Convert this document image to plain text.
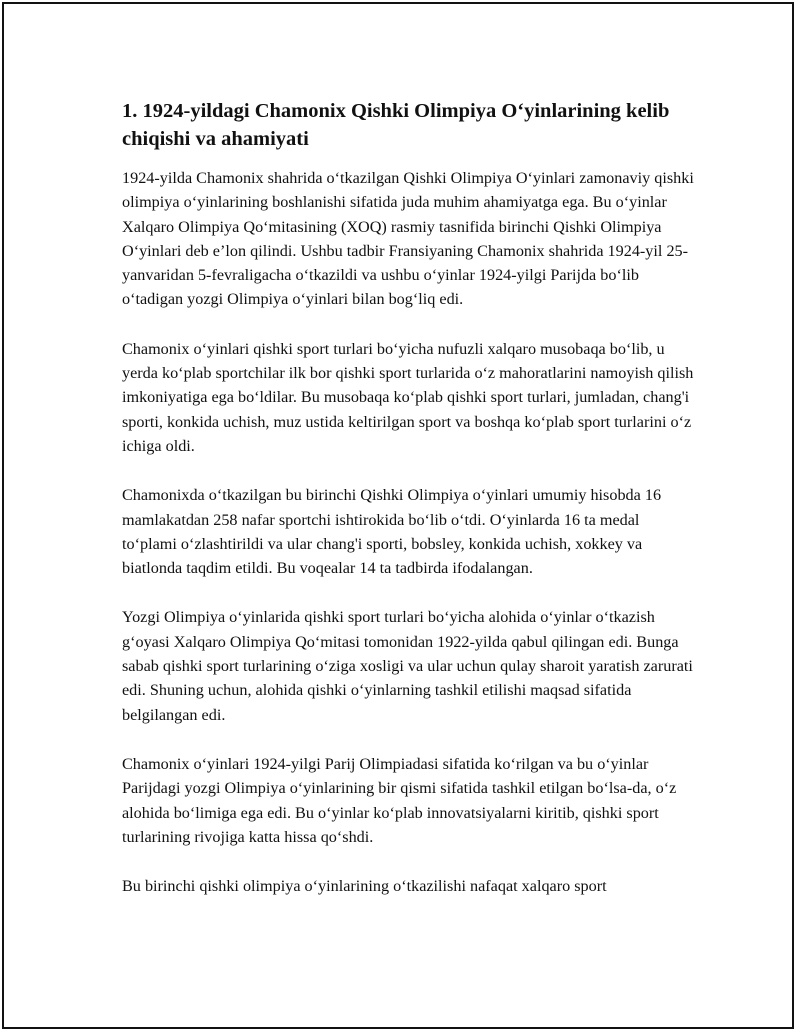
1. 1924-yildagi Chamonix Qishki Olimpiya O‘yinlarining kelib chiqishi va ahamiyati

1924-yilda Chamonix shahrida o‘tkazilgan Qishki Olimpiya O‘yinlari zamonaviy qishki olimpiya o‘yinlarining boshlanishi sifatida juda muhim ahamiyatga ega. Bu o‘yinlar Xalqaro Olimpiya Qo‘mitasining (XOQ) rasmiy tasnifida birinchi Qishki Olimpiya O‘yinlari deb e’lon qilindi. Ushbu tadbir Fransiyaning Chamonix shahrida 1924-yil 25-yanvaridan 5-fevraligacha o‘tkazildi va ushbu o‘yinlar 1924-yilgi Parijda bo‘lib o‘tadigan yozgi Olimpiya o‘yinlari bilan bog‘liq edi.

Chamonix o‘yinlari qishki sport turlari bo‘yicha nufuzli xalqaro musobaqa bo‘lib, u yerda ko‘plab sportchilar ilk bor qishki sport turlarida o‘z mahoratlarini namoyish qilish imkoniyatiga ega bo‘ldilar. Bu musobaqa ko‘plab qishki sport turlari, jumladan, chang'i sporti, konkida uchish, muz ustida keltirilgan sport va boshqa ko‘plab sport turlarini o‘z ichiga oldi.

Chamonixda o‘tkazilgan bu birinchi Qishki Olimpiya o‘yinlari umumiy hisobda 16 mamlakatdan 258 nafar sportchi ishtirokida bo‘lib o‘tdi. O‘yinlarda 16 ta medal to‘plami o‘zlashtirildi va ular chang'i sporti, bobsley, konkida uchish, xokkey va biatlonda taqdim etildi. Bu voqealar 14 ta tadbirda ifodalangan.

Yozgi Olimpiya o‘yinlarida qishki sport turlari bo‘yicha alohida o‘yinlar o‘tkazish g‘oyasi Xalqaro Olimpiya Qo‘mitasi tomonidan 1922-yilda qabul qilingan edi. Bunga sabab qishki sport turlarining o‘ziga xosligi va ular uchun qulay sharoit yaratish zarurati edi. Shuning uchun, alohida qishki o‘yinlarning tashkil etilishi maqsad sifatida belgilangan edi.

Chamonix o‘yinlari 1924-yilgi Parij Olimpiadasi sifatida ko‘rilgan va bu o‘yinlar Parijdagi yozgi Olimpiya o‘yinlarining bir qismi sifatida tashkil etilgan bo‘lsa-da, o‘z alohida bo‘limiga ega edi. Bu o‘yinlar ko‘plab innovatsiyalarni kiritib, qishki sport turlarining rivojiga katta hissa qo‘shdi.

Bu birinchi qishki olimpiya o‘yinlarining o‘tkazilishi nafaqat xalqaro sport
